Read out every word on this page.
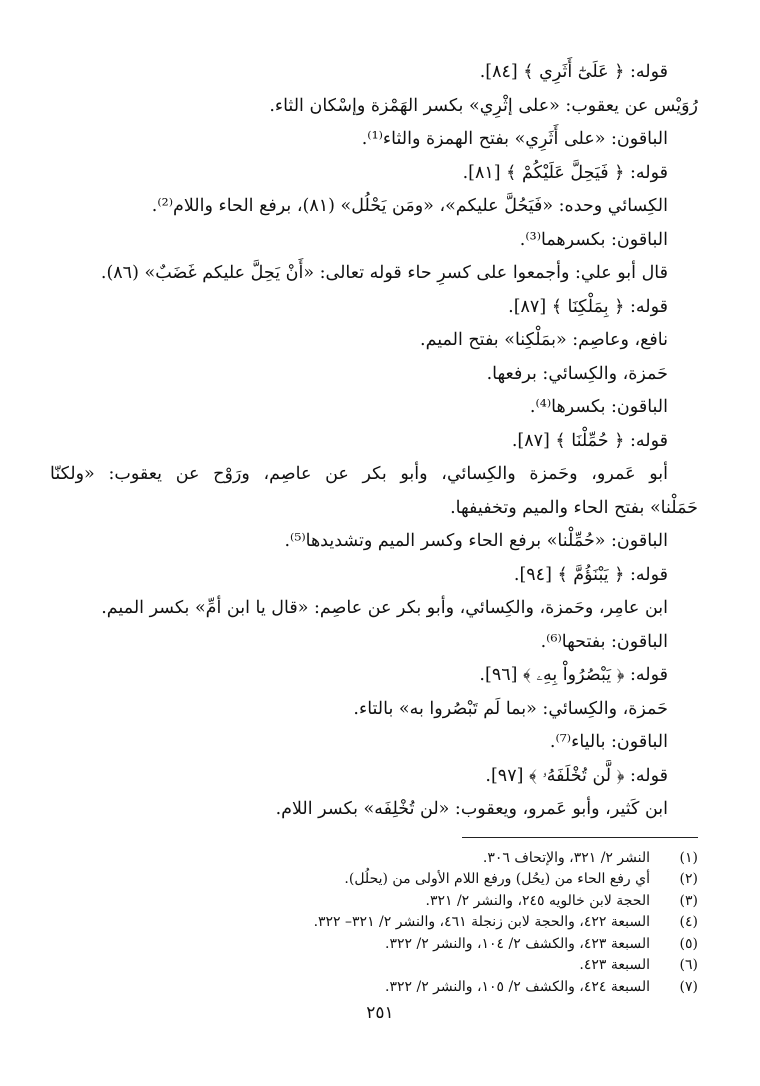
قوله: ﴿ عَلَىٰٓ أَثَرِي ﴾ [٨٤].
رُوَيْس عن يعقوب: «على إثْرِي» بكسر الهَمْزة وإسْكان الثاء.
الباقون: «على أَثَرِي» بفتح الهمزة والثاء⁽¹⁾.
قوله: ﴿ فَيَحِلَّ عَلَيْكُمْ ﴾ [٨١].
الكِسائي وحده: «فَيَحُلَّ عليكم»، «ومَن يَحْلُل» (٨١)، برفع الحاء واللام⁽²⁾.
الباقون: بكسرهما⁽³⁾.
قال أبو علي: وأجمعوا على كسرِ حاء قوله تعالى: «أَنْ يَحِلَّ عليكم غَضَبٌ» (٨٦).
قوله: ﴿ بِمَلْكِنَا ﴾ [٨٧].
نافع، وعاصِم: «بمَلْكِنا» بفتح الميم.
حَمزة، والكِسائي: برفعها.
الباقون: بكسرها⁽⁴⁾.
قوله: ﴿ حُمِّلْنَا ﴾ [٨٧].
أبو عَمرو، وحَمزة والكِسائي، وأبو بكر عن عاصِم، ورَوْح عن يعقوب: «ولكنّا
حَمَلْنا» بفتح الحاء والميم وتخفيفها.
الباقون: «حُمِّلْنا» برفع الحاء وكسر الميم وتشديدها⁽⁵⁾.
قوله: ﴿ يَبْنَؤُمَّ ﴾ [٩٤].
ابن عامِر، وحَمزة، والكِسائي، وأبو بكر عن عاصِم: «قال يا ابن أمِّ» بكسر الميم.
الباقون: بفتحها⁽⁶⁾.
قوله: ﴿ يَبْصُرُواْ بِهِۦ ﴾ [٩٦].
حَمزة، والكِسائي: «بما لَم تَبْصُروا به» بالتاء.
الباقون: بالياء⁽⁷⁾.
قوله: ﴿ لَّن تُخْلَفَهُۥ ﴾ [٩٧].
ابن كَثير، وأبو عَمرو، ويعقوب: «لن تُخْلِفَه» بكسر اللام.
(١)
النشر ٢/ ٣٢١، والإتحاف ٣٠٦.
(٢)
أي رفع الحاء من (يحُل) ورفع اللام الأولى من (يحلُل).
(٣)
الحجة لابن خالويه ٢٤٥، والنشر ٢/ ٣٢١.
(٤)
السبعة ٤٢٢، والحجة لابن زنجلة ٤٦١، والنشر ٢/ ٣٢١– ٣٢٢.
(٥)
السبعة ٤٢٣، والكشف ٢/ ١٠٤، والنشر ٢/ ٣٢٢.
(٦)
السبعة ٤٢٣.
(٧)
السبعة ٤٢٤، والكشف ٢/ ١٠٥، والنشر ٢/ ٣٢٢.
٢٥١
